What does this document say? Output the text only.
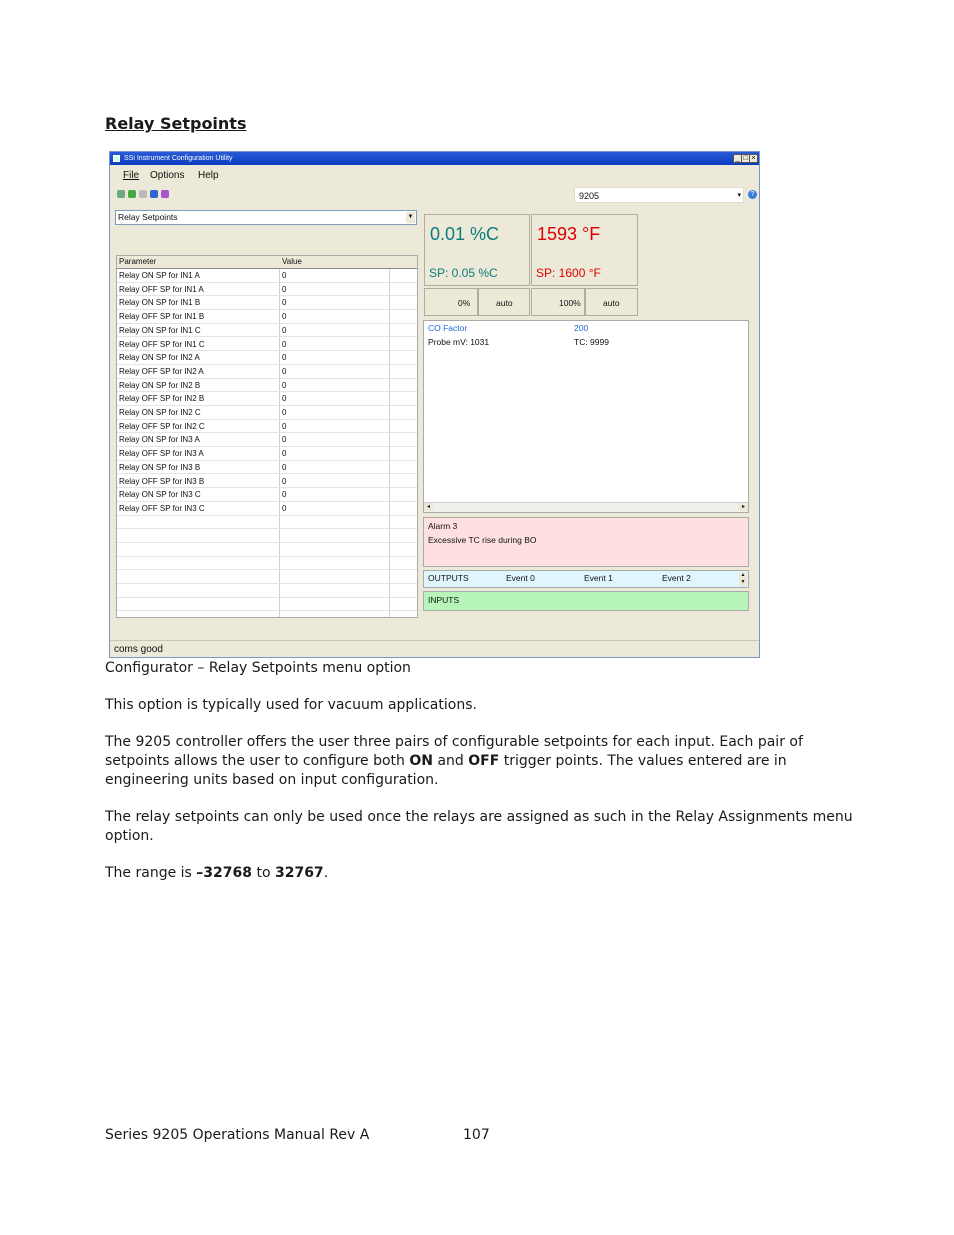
Relay Setpoints
SSi Instrument Configuration Utility	_ □ ×
File Options Help
9205	▾	?
Relay Setpoints	▼
Parameter	Value
Relay ON SP for IN1 A	0
Relay OFF SP for IN1 A	0
Relay ON SP for IN1 B	0
Relay OFF SP for IN1 B	0
Relay ON SP for IN1 C	0
Relay OFF SP for IN1 C	0
Relay ON SP for IN2 A	0
Relay OFF SP for IN2 A	0
Relay ON SP for IN2 B	0
Relay OFF SP for IN2 B	0
Relay ON SP for IN2 C	0
Relay OFF SP for IN2 C	0
Relay ON SP for IN3 A	0
Relay OFF SP for IN3 A	0
Relay ON SP for IN3 B	0
Relay OFF SP for IN3 B	0
Relay ON SP for IN3 C	0
Relay OFF SP for IN3 C	0
0.01 %C
SP: 0.05 %C
0%	auto
1593 °F
SP: 1600 °F
100%	auto
CO Factor	200
Probe mV: 1031	TC: 9999
◂	▸
Alarm 3
Excessive TC rise during BO
OUTPUTS	Event 0	Event 1	Event 2	▲
▼
INPUTS
coms good
Configurator – Relay Setpoints menu option
This option is typically used for vacuum applications.
The 9205 controller offers the user three pairs of configurable setpoints for each input. Each pair of
setpoints allows the user to configure both ON and OFF trigger points. The values entered are in
engineering units based on input configuration.
The relay setpoints can only be used once the relays are assigned as such in the Relay Assignments menu
option.
The range is –32768 to 32767.
Series 9205 Operations Manual Rev A	107
